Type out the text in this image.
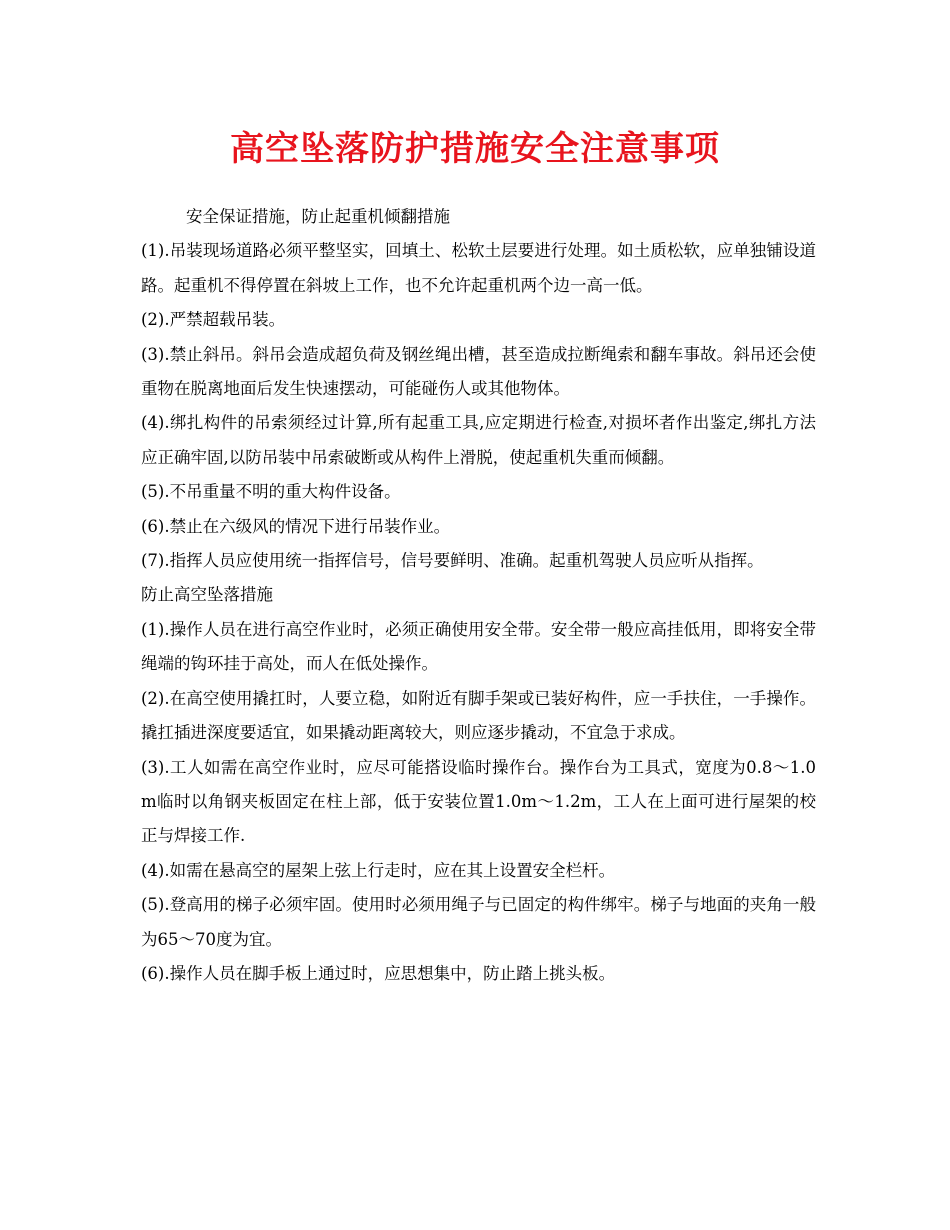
高空坠落防护措施安全注意事项

安全保证措施，防止起重机倾翻措施

(1).吊装现场道路必须平整坚实，回填土、松软土层要进行处理。如土质松软，应单独铺设道路。起重机不得停置在斜坡上工作，也不允许起重机两个边一高一低。

(2).严禁超载吊装。

(3).禁止斜吊。斜吊会造成超负荷及钢丝绳出槽，甚至造成拉断绳索和翻车事故。斜吊还会使重物在脱离地面后发生快速摆动，可能碰伤人或其他物体。

(4).绑扎构件的吊索须经过计算,所有起重工具,应定期进行检查,对损坏者作出鉴定,绑扎方法应正确牢固,以防吊装中吊索破断或从构件上滑脱，使起重机失重而倾翻。

(5).不吊重量不明的重大构件设备。

(6).禁止在六级风的情况下进行吊装作业。

(7).指挥人员应使用统一指挥信号，信号要鲜明、准确。起重机驾驶人员应听从指挥。

防止高空坠落措施

(1).操作人员在进行高空作业时，必须正确使用安全带。安全带一般应高挂低用，即将安全带绳端的钩环挂于高处，而人在低处操作。

(2).在高空使用撬扛时，人要立稳，如附近有脚手架或已装好构件，应一手扶住，一手操作。撬扛插进深度要适宜，如果撬动距离较大，则应逐步撬动，不宜急于求成。

(3).工人如需在高空作业时，应尽可能搭设临时操作台。操作台为工具式，宽度为0.8～1.0 m临时以角钢夹板固定在柱上部，低于安装位置1.0m～1.2m，工人在上面可进行屋架的校正与焊接工作.

(4).如需在悬高空的屋架上弦上行走时，应在其上设置安全栏杆。

(5).登高用的梯子必须牢固。使用时必须用绳子与已固定的构件绑牢。梯子与地面的夹角一般为65～70度为宜。

(6).操作人员在脚手板上通过时，应思想集中，防止踏上挑头板。
